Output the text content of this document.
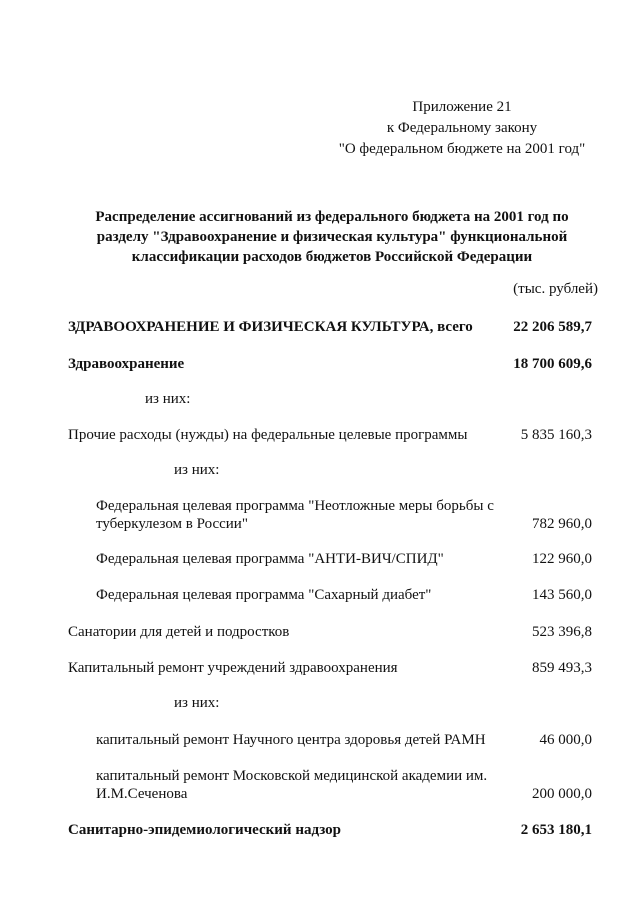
Приложение 21
к Федеральному закону
"О федеральном бюджете на 2001 год"
Распределение ассигнований из федерального бюджета на 2001 год по разделу "Здравоохранение и физическая культура" функциональной классификации расходов бюджетов Российской Федерации
(тыс. рублей)
ЗДРАВООХРАНЕНИЕ И ФИЗИЧЕСКАЯ КУЛЬТУРА, всего	22 206 589,7
Здравоохранение	18 700 609,6
из них:
Прочие расходы (нужды) на федеральные целевые программы	5 835 160,3
из них:
Федеральная целевая программа "Неотложные меры борьбы с туберкулезом в России"	782 960,0
Федеральная целевая программа "АНТИ-ВИЧ/СПИД"	122 960,0
Федеральная целевая программа "Сахарный диабет"	143 560,0
Санатории для детей и подростков	523 396,8
Капитальный ремонт учреждений здравоохранения	859 493,3
из них:
капитальный ремонт Научного центра здоровья детей РАМН	46 000,0
капитальный ремонт Московской медицинской академии им. И.М.Сеченова	200 000,0
Санитарно-эпидемиологический надзор	2 653 180,1
